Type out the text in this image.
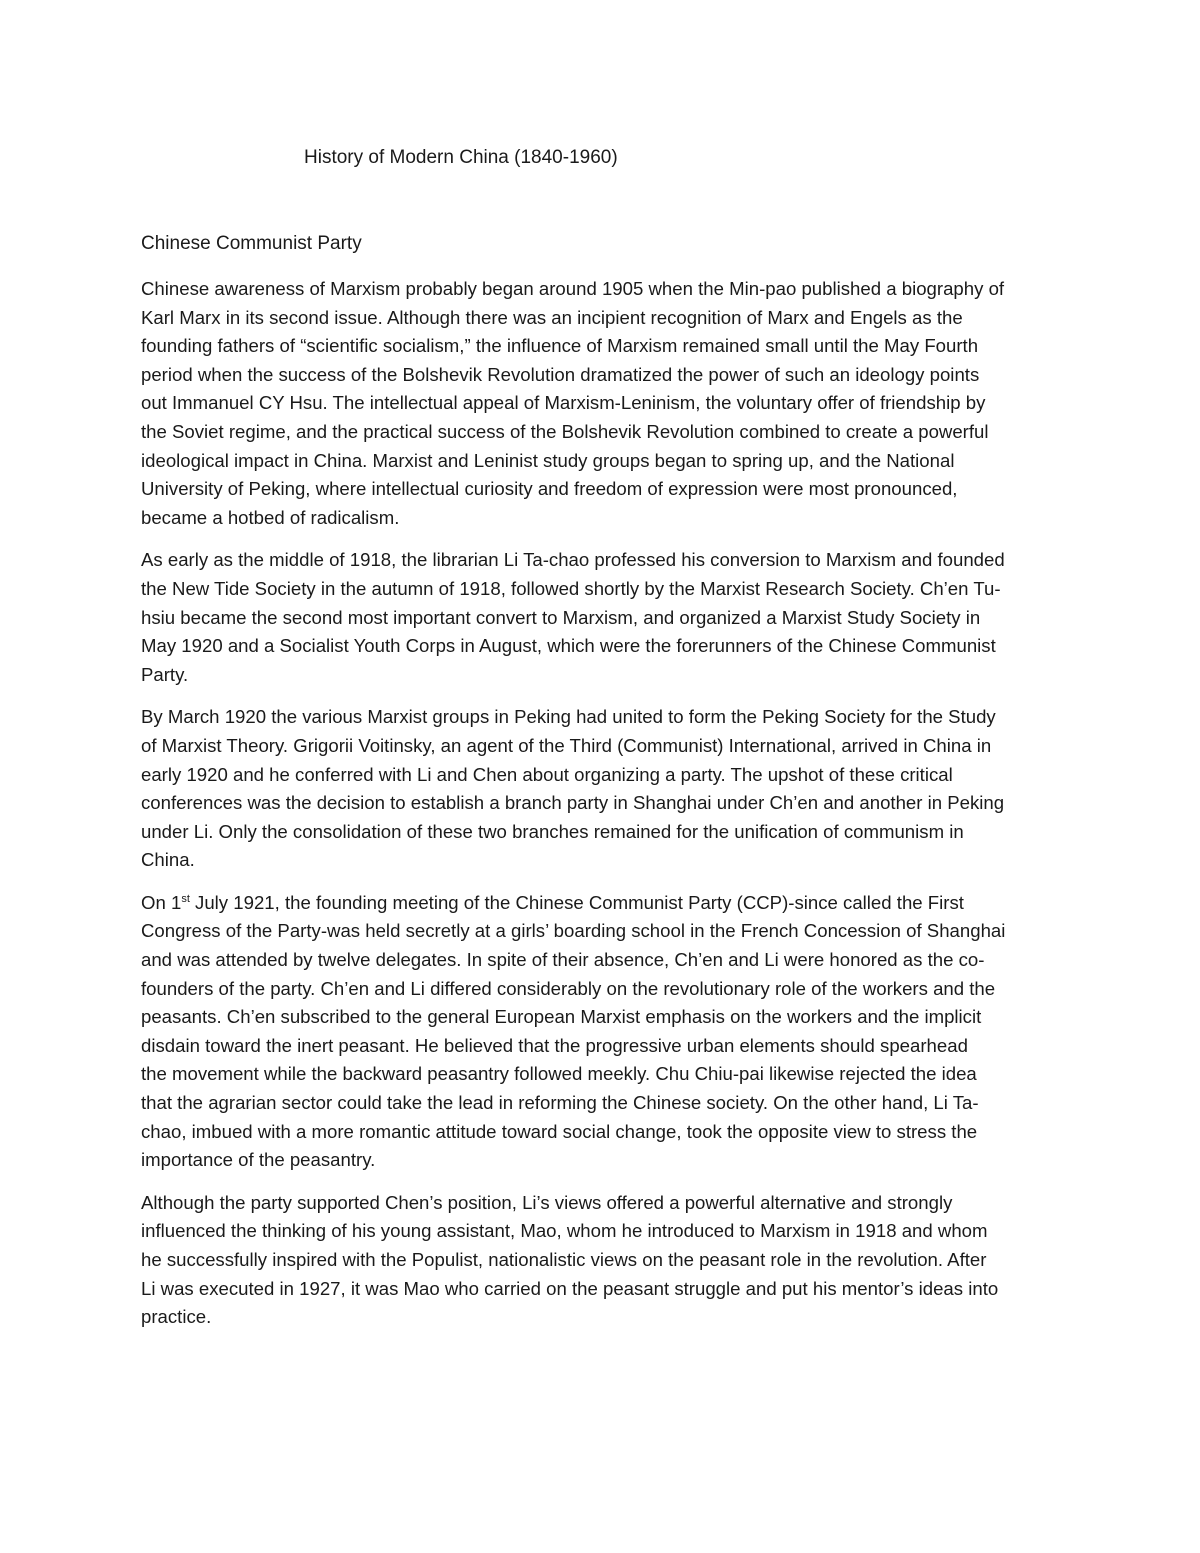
History of Modern China (1840-1960)
Chinese Communist Party

Chinese awareness of Marxism probably began around 1905 when the Min-pao published a biography of
Karl Marx in its second issue. Although there was an incipient recognition of Marx and Engels as the
founding fathers of “scientific socialism,” the influence of Marxism remained small until the May Fourth
period when the success of the Bolshevik Revolution dramatized the power of such an ideology points
out Immanuel CY Hsu. The intellectual appeal of Marxism-Leninism, the voluntary offer of friendship by
the Soviet regime, and the practical success of the Bolshevik Revolution combined to create a powerful
ideological impact in China. Marxist and Leninist study groups began to spring up, and the National
University of Peking, where intellectual curiosity and freedom of expression were most pronounced,
became a hotbed of radicalism.

As early as the middle of 1918, the librarian Li Ta-chao professed his conversion to Marxism and founded
the New Tide Society in the autumn of 1918, followed shortly by the Marxist Research Society. Ch’en Tu-
hsiu became the second most important convert to Marxism, and organized a Marxist Study Society in
May 1920 and a Socialist Youth Corps in August, which were the forerunners of the Chinese Communist
Party.

By March 1920 the various Marxist groups in Peking had united to form the Peking Society for the Study
of Marxist Theory. Grigorii Voitinsky, an agent of the Third (Communist) International, arrived in China in
early 1920 and he conferred with Li and Chen about organizing a party. The upshot of these critical
conferences was the decision to establish a branch party in Shanghai under Ch’en and another in Peking
under Li. Only the consolidation of these two branches remained for the unification of communism in
China.

On 1st July 1921, the founding meeting of the Chinese Communist Party (CCP)-since called the First
Congress of the Party-was held secretly at a girls’ boarding school in the French Concession of Shanghai
and was attended by twelve delegates. In spite of their absence, Ch’en and Li were honored as the co-
founders of the party. Ch’en and Li differed considerably on the revolutionary role of the workers and the
peasants. Ch’en subscribed to the general European Marxist emphasis on the workers and the implicit
disdain toward the inert peasant. He believed that the progressive urban elements should spearhead
the movement while the backward peasantry followed meekly. Chu Chiu-pai likewise rejected the idea
that the agrarian sector could take the lead in reforming the Chinese society. On the other hand, Li Ta-
chao, imbued with a more romantic attitude toward social change, took the opposite view to stress the
importance of the peasantry.

Although the party supported Chen’s position, Li’s views offered a powerful alternative and strongly
influenced the thinking of his young assistant, Mao, whom he introduced to Marxism in 1918 and whom
he successfully inspired with the Populist, nationalistic views on the peasant role in the revolution. After
Li was executed in 1927, it was Mao who carried on the peasant struggle and put his mentor’s ideas into
practice.
